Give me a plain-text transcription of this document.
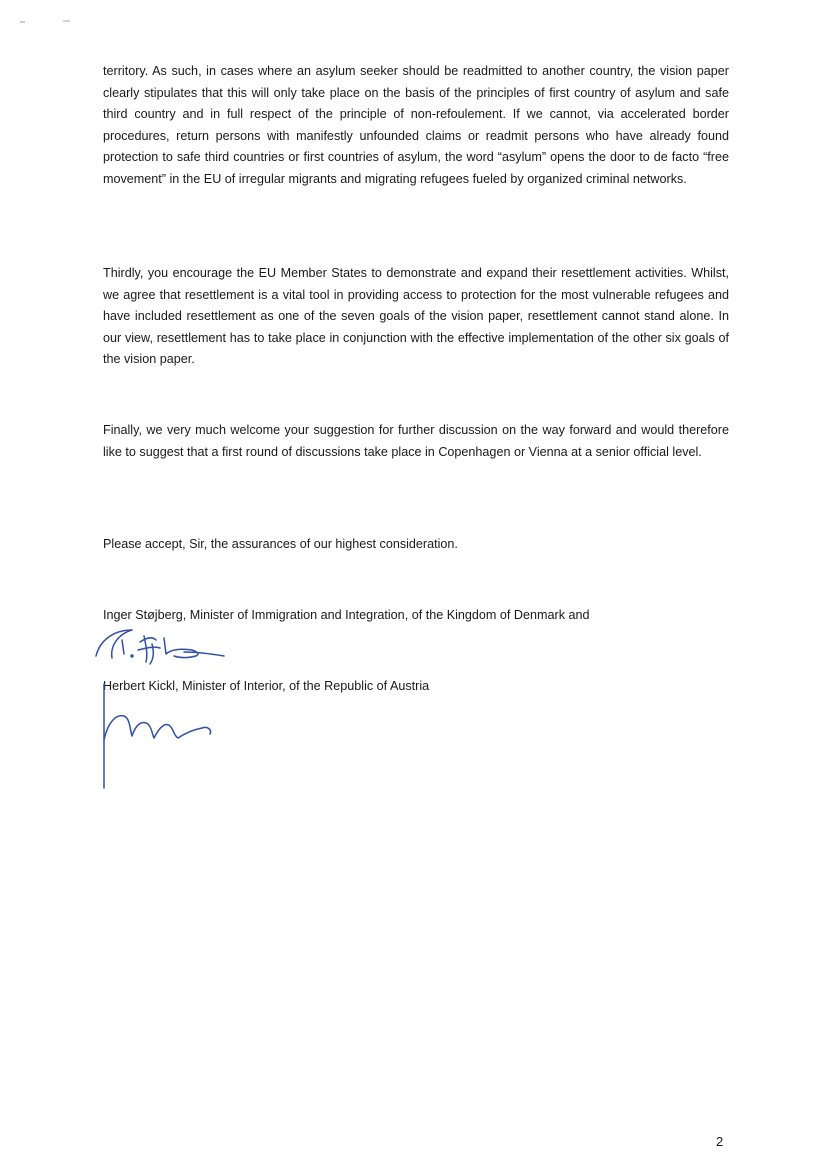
territory. As such, in cases where an asylum seeker should be readmitted to another country, the vision paper clearly stipulates that this will only take place on the basis of the principles of first country of asylum and safe third country and in full respect of the principle of non-refoulement. If we cannot, via accelerated border procedures, return persons with manifestly unfounded claims or readmit persons who have already found protection to safe third countries or first countries of asylum, the word “asylum” opens the door to de facto “free movement” in the EU of irregular migrants and migrating refugees fueled by organized criminal networks.

Thirdly, you encourage the EU Member States to demonstrate and expand their resettlement activities. Whilst, we agree that resettlement is a vital tool in providing access to protection for the most vulnerable refugees and have included resettlement as one of the seven goals of the vision paper, resettlement cannot stand alone. In our view, resettlement has to take place in conjunction with the effective implementation of the other six goals of the vision paper.

Finally, we very much welcome your suggestion for further discussion on the way forward and would therefore like to suggest that a first round of discussions take place in Copenhagen or Vienna at a senior official level.

Please accept, Sir, the assurances of our highest consideration.

Inger Støjberg, Minister of Immigration and Integration, of the Kingdom of Denmark and
Herbert Kickl, Minister of Interior, of the Republic of Austria
2
